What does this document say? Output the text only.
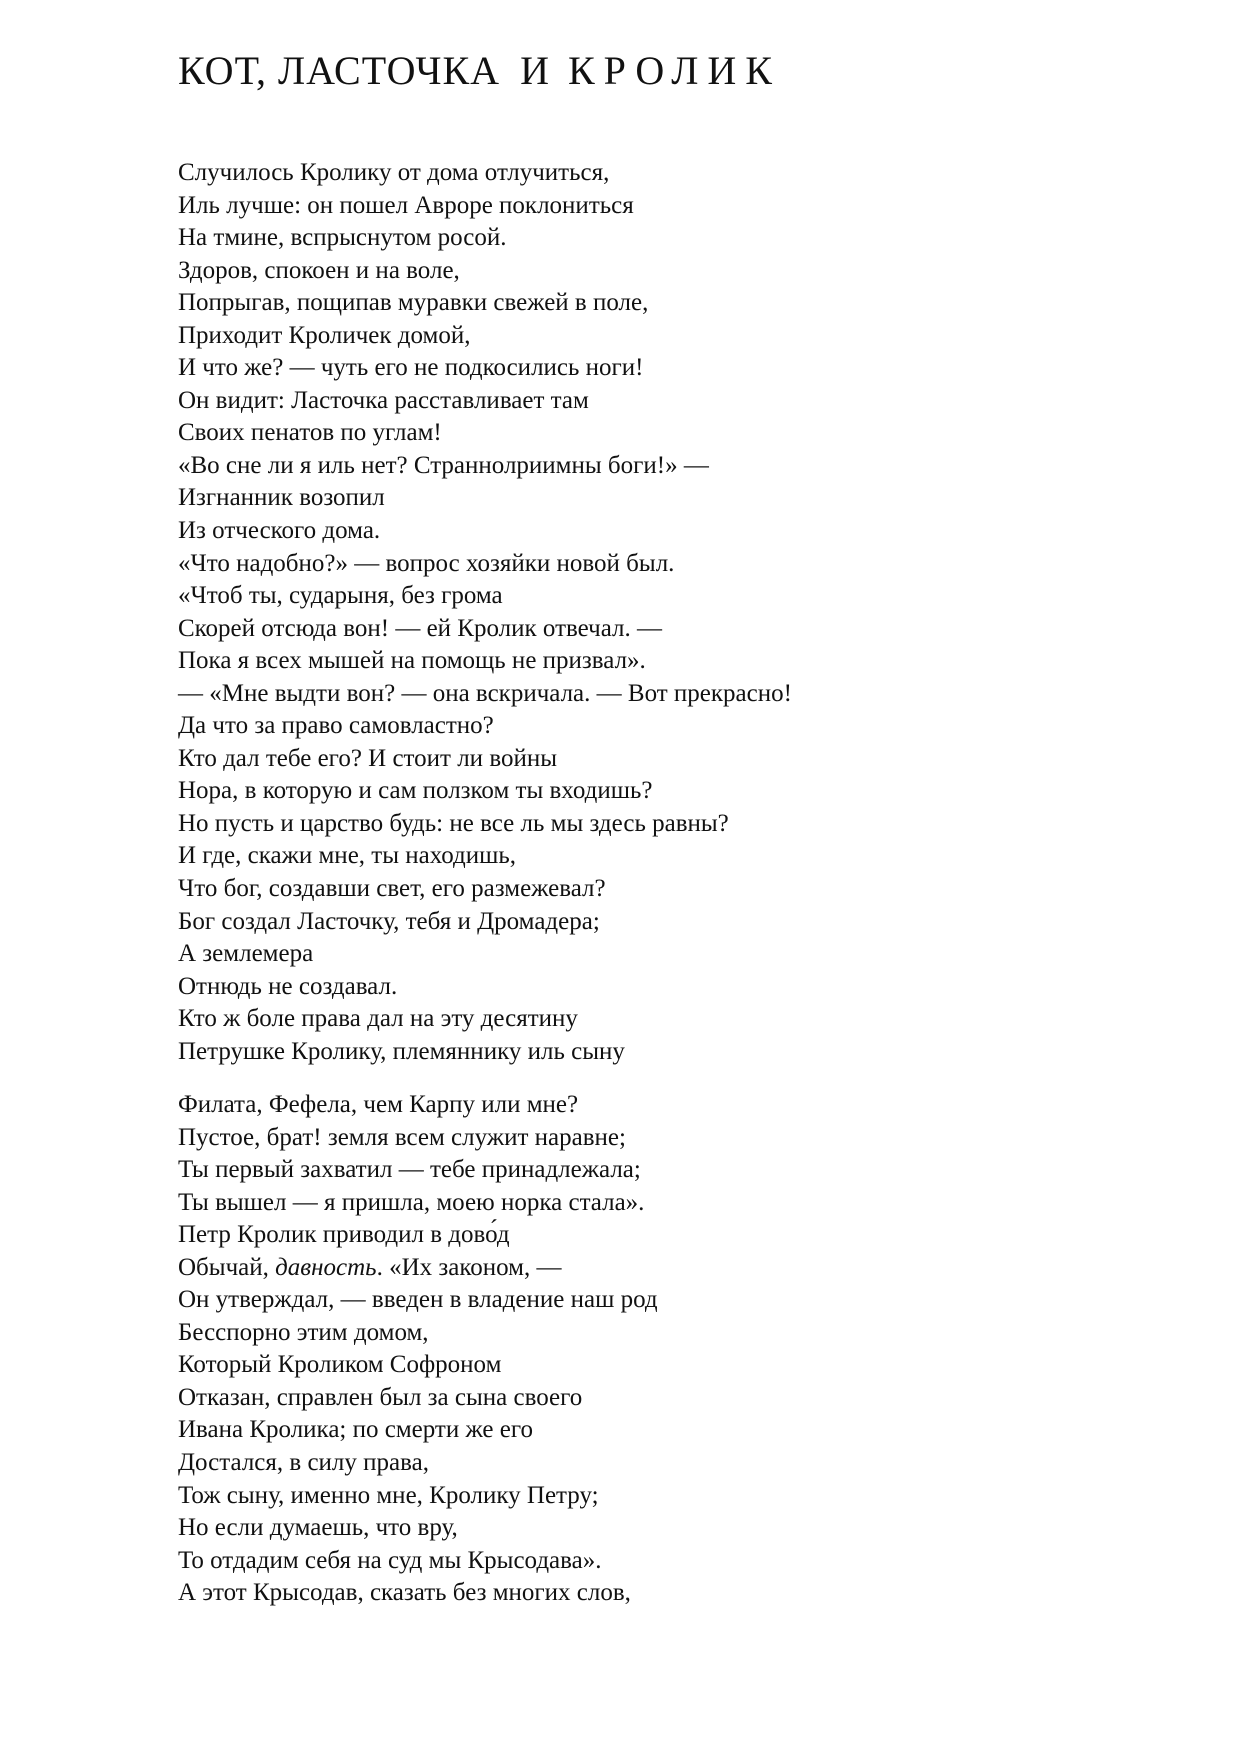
КОТ, ЛАСТОЧКА И КРОЛИК
Случилось Кролику от дома отлучиться,
Иль лучше: он пошел Авроре поклониться
На тмине, вспрыснутом росой.
Здоров, спокоен и на воле,
Попрыгав, пощипав муравки свежей в поле,
Приходит Кроличек домой,
И что же? — чуть его не подкосились ноги!
Он видит: Ласточка расставливает там
Своих пенатов по углам!
«Во сне ли я иль нет? Страннолриимны боги!» —
Изгнанник возопил
Из отческого дома.
«Что надобно?» — вопрос хозяйки новой был.
«Чтоб ты, сударыня, без грома
Скорей отсюда вон! — ей Кролик отвечал. —
Пока я всех мышей на помощь не призвал».
— «Мне выдти вон? — она вскричала. — Вот прекрасно!
Да что за право самовластно?
Кто дал тебе его? И стоит ли войны
Нора, в которую и сам ползком ты входишь?
Но пусть и царство будь: не все ль мы здесь равны?
И где, скажи мне, ты находишь,
Что бог, создавши свет, его размежевал?
Бог создал Ласточку, тебя и Дромадера;
А землемера
Отнюдь не создавал.
Кто ж боле права дал на эту десятину
Петрушке Кролику, племяннику иль сыну
Филата, Фефела, чем Карпу или мне?
Пустое, брат! земля всем служит наравне;
Ты первый захватил — тебе принадлежала;
Ты вышел — я пришла, моею норка стала».
Петр Кролик приводил в дово́д
Обычай, давность. «Их законом, —
Он утверждал, — введен в владение наш род
Бесспорно этим домом,
Который Кроликом Софроном
Отказан, справлен был за сына своего
Ивана Кролика; по смерти же его
Достался, в силу права,
Тож сыну, именно мне, Кролику Петру;
Но если думаешь, что вру,
То отдадим себя на суд мы Крысодава».
А этот Крысодав, сказать без многих слов,
